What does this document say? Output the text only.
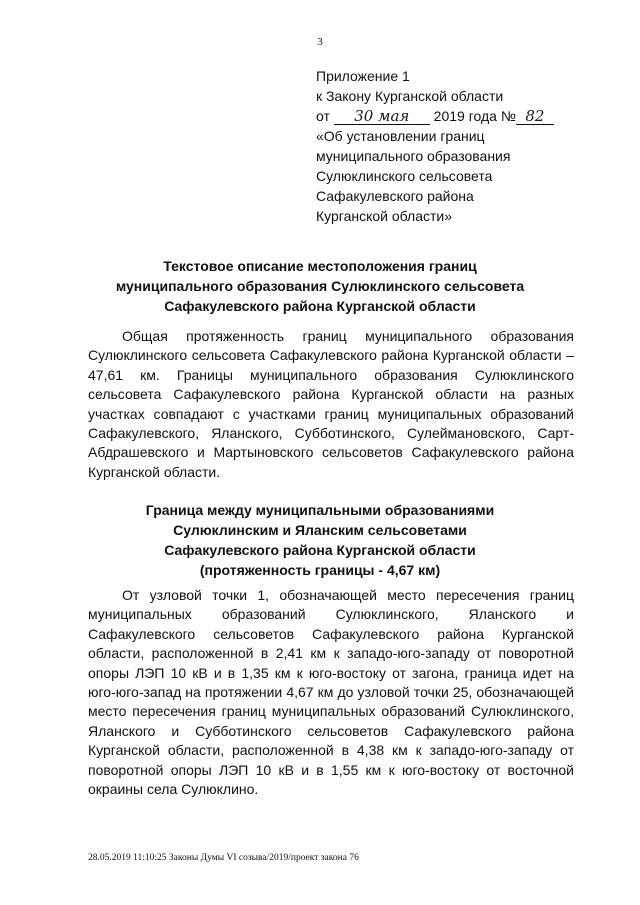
3
Приложение 1
к Закону Курганской области
от 30 мая 2019 года № 82
«Об установлении границ
муниципального образования
Сулюклинского сельсовета
Сафакулевского района
Курганской области»
Текстовое описание местоположения границ
муниципального образования Сулюклинского сельсовета
Сафакулевского района Курганской области
Общая протяженность границ муниципального образования Сулюклинского сельсовета Сафакулевского района Курганской области – 47,61 км. Границы муниципального образования Сулюклинского сельсовета Сафакулевского района Курганской области на разных участках совпадают с участками границ муниципальных образований Сафакулевского, Яланского, Субботинского, Сулеймановского, Сарт-Абдрашевского и Мартыновского сельсоветов Сафакулевского района Курганской области.
Граница между муниципальными образованиями
Сулюклинским и Яланским сельсоветами
Сафакулевского района Курганской области
(протяженность границы - 4,67 км)
От узловой точки 1, обозначающей место пересечения границ муниципальных образований Сулюклинского, Яланского и Сафакулевского сельсоветов Сафакулевского района Курганской области, расположенной в 2,41 км к западо-юго-западу от поворотной опоры ЛЭП 10 кВ и в 1,35 км к юго-востоку от загона, граница идет на юго-юго-запад на протяжении 4,67 км до узловой точки 25, обозначающей место пересечения границ муниципальных образований Сулюклинского, Яланского и Субботинского сельсоветов Сафакулевского района Курганской области, расположенной в 4,38 км к западо-юго-западу от поворотной опоры ЛЭП 10 кВ и в 1,55 км к юго-востоку от восточной окраины села Сулюклино.
28.05.2019 11:10:25 Законы Думы VI созыва/2019/проект закона 76
